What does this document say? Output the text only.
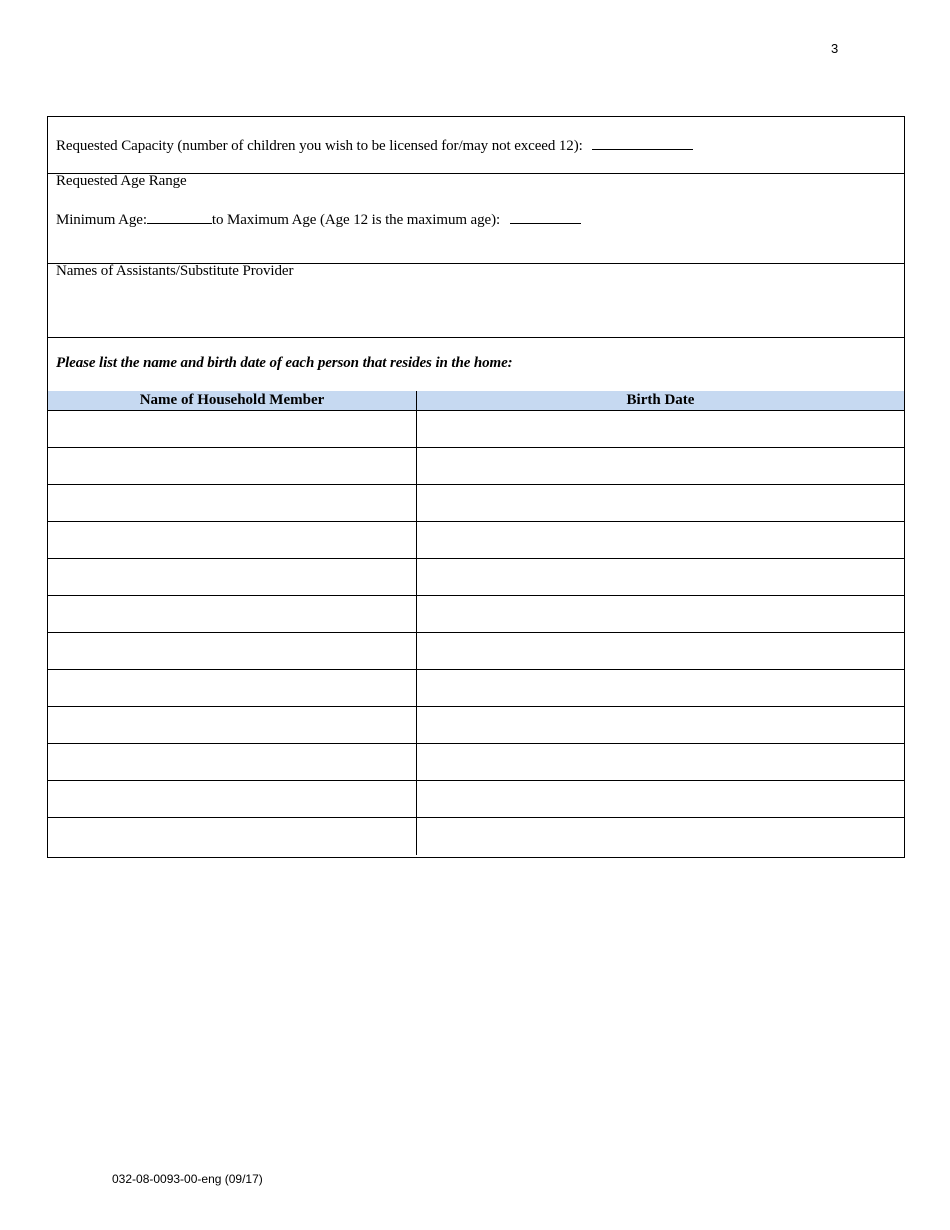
3
Requested Capacity (number of children you wish to be licensed for/may not exceed 12):
Requested Age Range
Minimum Age:	to Maximum Age (Age 12 is the maximum age):
Names of Assistants/Substitute Provider
Please list the name and birth date of each person that resides in the home:
Name of Household Member	Birth Date
032-08-0093-00-eng (09/17)
